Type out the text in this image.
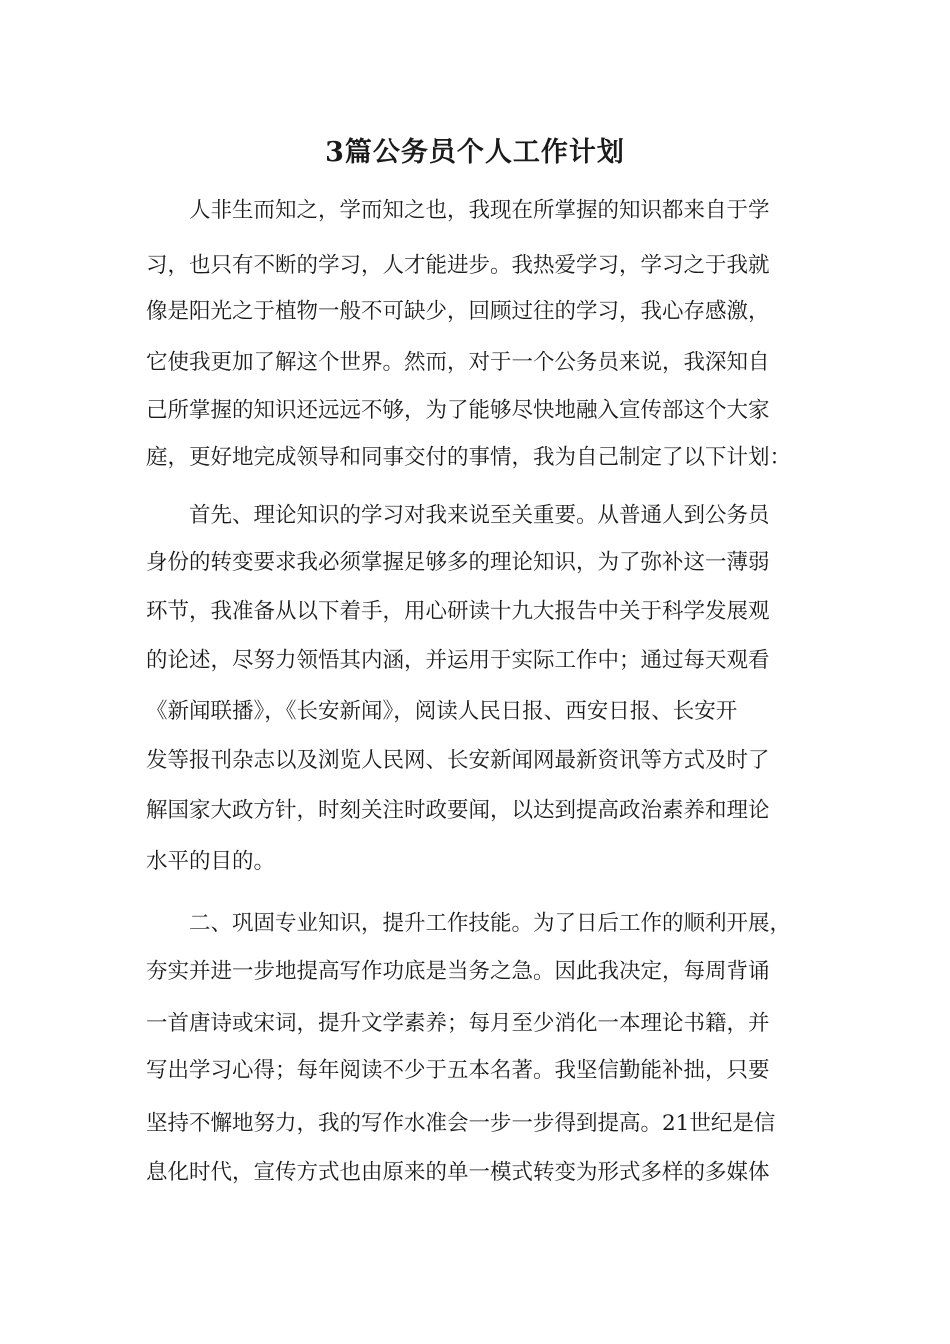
3篇公务员个人工作计划
　　人非生而知之，学而知之也，我现在所掌握的知识都来自于学
习，也只有不断的学习，人才能进步。我热爱学习，学习之于我就
像是阳光之于植物一般不可缺少，回顾过往的学习，我心存感激，
它使我更加了解这个世界。然而，对于一个公务员来说，我深知自
己所掌握的知识还远远不够，为了能够尽快地融入宣传部这个大家
庭，更好地完成领导和同事交付的事情，我为自己制定了以下计划：
　　首先、理论知识的学习对我来说至关重要。从普通人到公务员
身份的转变要求我必须掌握足够多的理论知识，为了弥补这一薄弱
环节，我准备从以下着手，用心研读十九大报告中关于科学发展观
的论述，尽努力领悟其内涵，并运用于实际工作中；通过每天观看
《新闻联播》，《长安新闻》，阅读人民日报、西安日报、长安开
发等报刊杂志以及浏览人民网、长安新闻网最新资讯等方式及时了
解国家大政方针，时刻关注时政要闻，以达到提高政治素养和理论
水平的目的。
　　二、巩固专业知识，提升工作技能。为了日后工作的顺利开展，
夯实并进一步地提高写作功底是当务之急。因此我决定，每周背诵
一首唐诗或宋词，提升文学素养；每月至少消化一本理论书籍，并
写出学习心得；每年阅读不少于五本名著。我坚信勤能补拙，只要
坚持不懈地努力，我的写作水准会一步一步得到提高。21世纪是信
息化时代，宣传方式也由原来的单一模式转变为形式多样的多媒体
